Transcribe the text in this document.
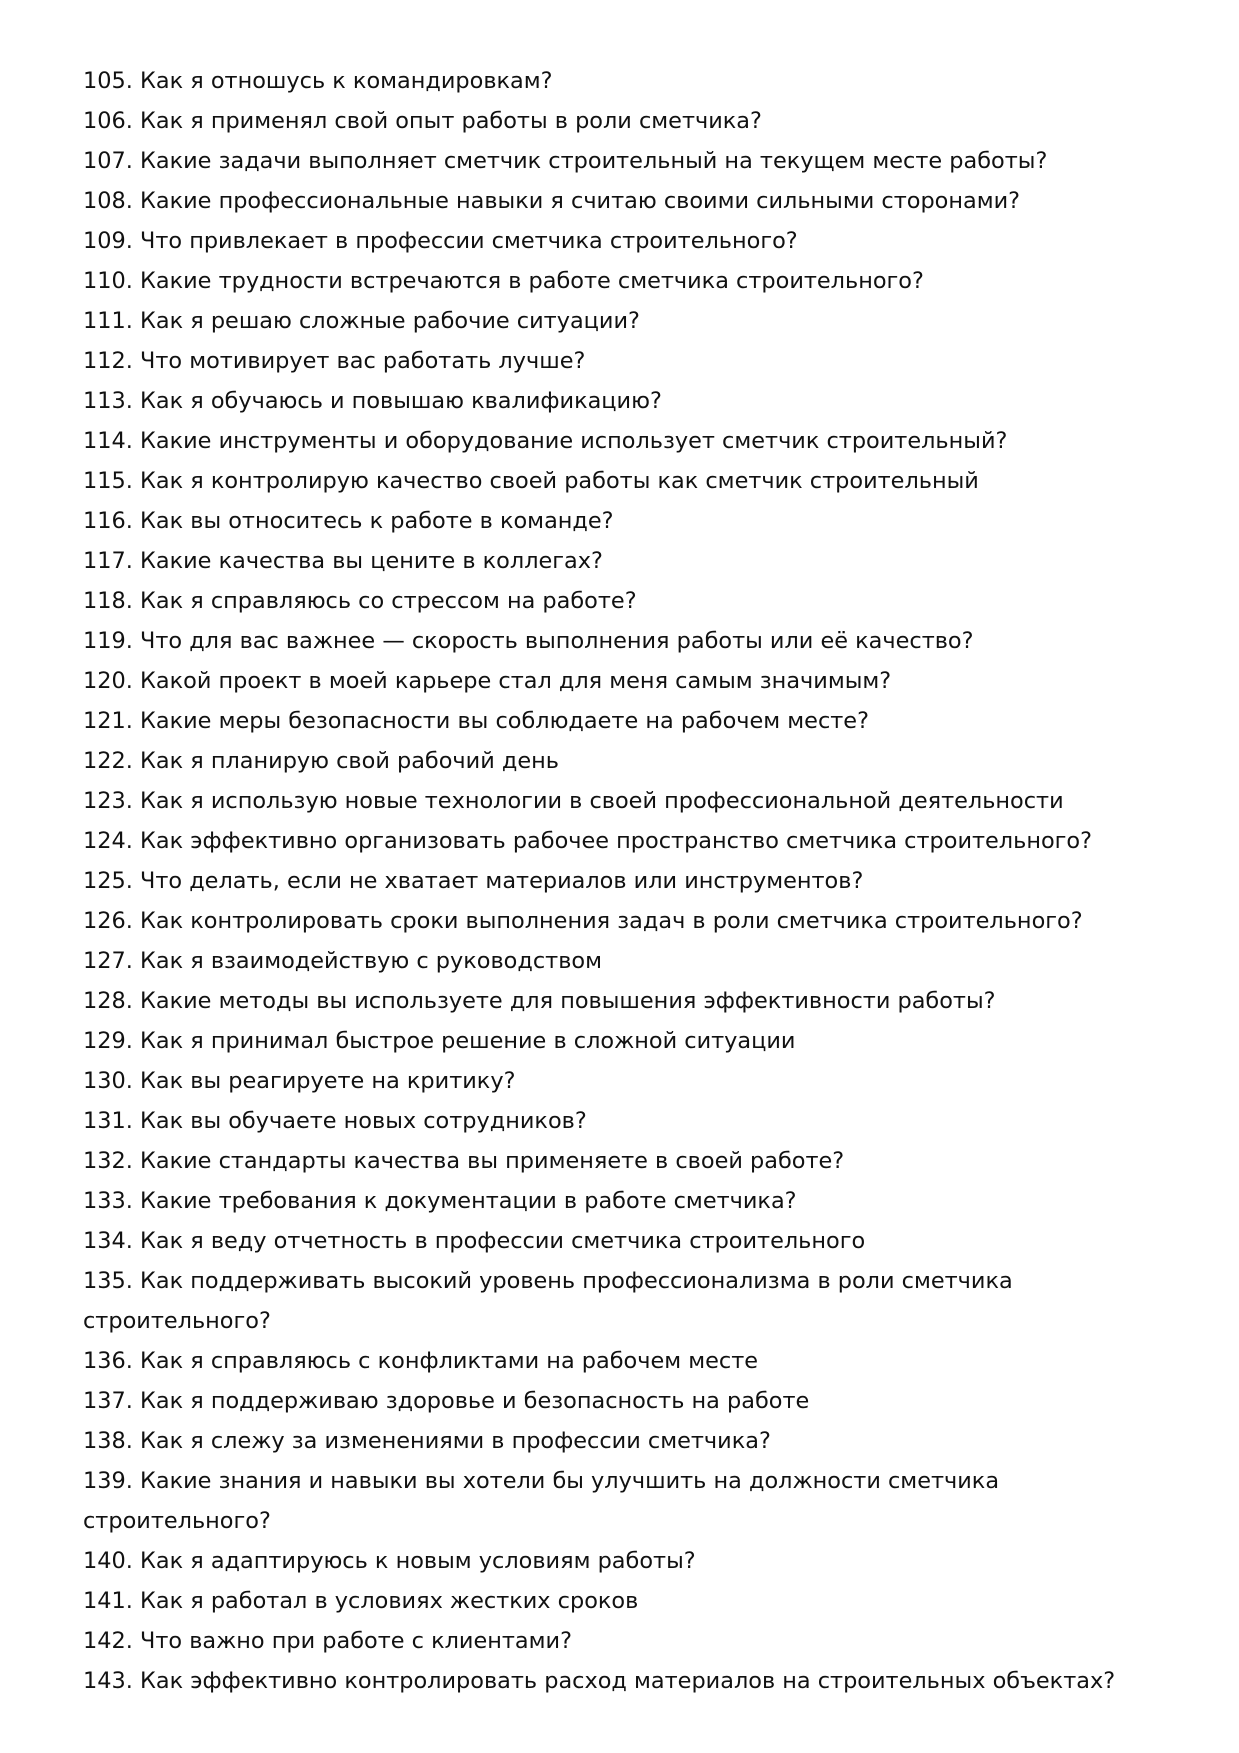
105. Как я отношусь к командировкам?
106. Как я применял свой опыт работы в роли сметчика?
107. Какие задачи выполняет сметчик строительный на текущем месте работы?
108. Какие профессиональные навыки я считаю своими сильными сторонами?
109. Что привлекает в профессии сметчика строительного?
110. Какие трудности встречаются в работе сметчика строительного?
111. Как я решаю сложные рабочие ситуации?
112. Что мотивирует вас работать лучше?
113. Как я обучаюсь и повышаю квалификацию?
114. Какие инструменты и оборудование использует сметчик строительный?
115. Как я контролирую качество своей работы как сметчик строительный
116. Как вы относитесь к работе в команде?
117. Какие качества вы цените в коллегах?
118. Как я справляюсь со стрессом на работе?
119. Что для вас важнее — скорость выполнения работы или её качество?
120. Какой проект в моей карьере стал для меня самым значимым?
121. Какие меры безопасности вы соблюдаете на рабочем месте?
122. Как я планирую свой рабочий день
123. Как я использую новые технологии в своей профессиональной деятельности
124. Как эффективно организовать рабочее пространство сметчика строительного?
125. Что делать, если не хватает материалов или инструментов?
126. Как контролировать сроки выполнения задач в роли сметчика строительного?
127. Как я взаимодействую с руководством
128. Какие методы вы используете для повышения эффективности работы?
129. Как я принимал быстрое решение в сложной ситуации
130. Как вы реагируете на критику?
131. Как вы обучаете новых сотрудников?
132. Какие стандарты качества вы применяете в своей работе?
133. Какие требования к документации в работе сметчика?
134. Как я веду отчетность в профессии сметчика строительного
135. Как поддерживать высокий уровень профессионализма в роли сметчика строительного?
136. Как я справляюсь с конфликтами на рабочем месте
137. Как я поддерживаю здоровье и безопасность на работе
138. Как я слежу за изменениями в профессии сметчика?
139. Какие знания и навыки вы хотели бы улучшить на должности сметчика строительного?
140. Как я адаптируюсь к новым условиям работы?
141. Как я работал в условиях жестких сроков
142. Что важно при работе с клиентами?
143. Как эффективно контролировать расход материалов на строительных объектах?
